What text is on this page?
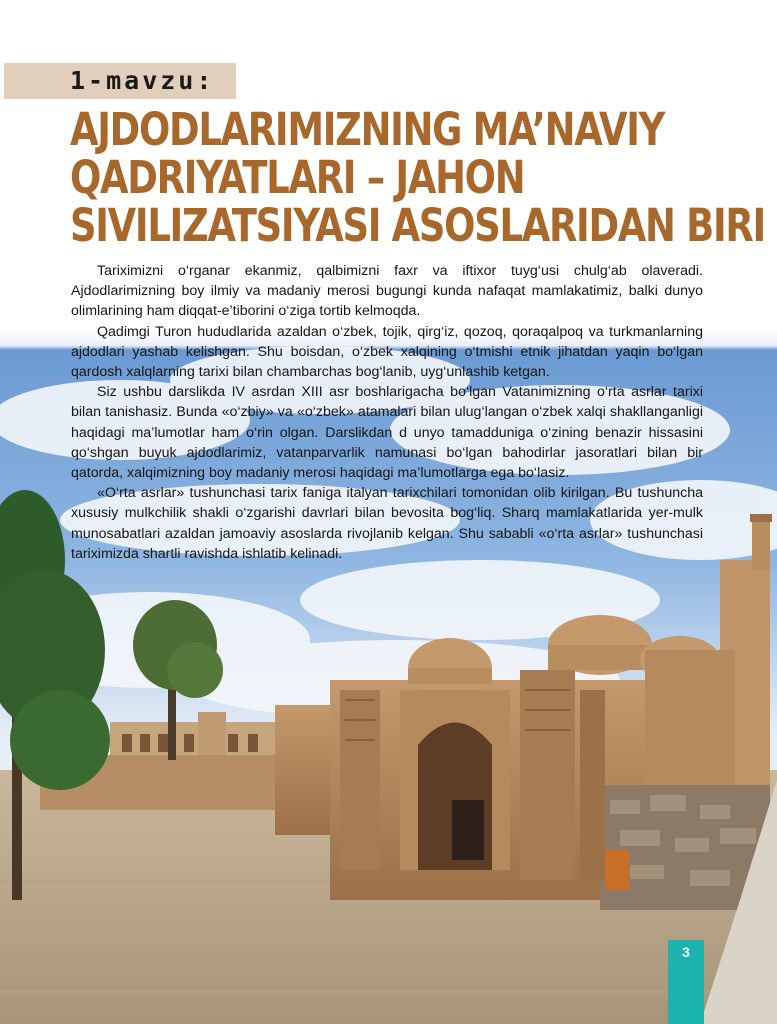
1-mavzu:
AJDODLARIMIZNING MA’NAVIY
QADRIYATLARI – JAHON
SIVILIZATSIYASI ASOSLARIDAN BIRI

Tariximizni o‘rganar ekanmiz, qalbimizni faxr va iftixor tuyg‘usi chulg‘ab olaveradi. Ajdodlarimizning boy ilmiy va madaniy merosi bugungi kunda nafaqat mamlakatimiz, balki dunyo olimlarining ham diqqat-e’tiborini o‘ziga tortib kelmoqda.

Qadimgi Turon hududlarida azaldan o‘zbek, tojik, qirg‘iz, qozoq, qoraqalpoq va turkmanlarning ajdodlari yashab kelishgan. Shu boisdan, o‘zbek xalqining o‘tmishi etnik jihatdan yaqin bo‘lgan qardosh xalqlarning tarixi bilan chambarchas bog‘lanib, uyg‘unlashib ketgan.

Siz ushbu darslikda IV asrdan XIII asr boshlarigacha bo‘lgan Vatanimizning o‘rta asrlar tarixi bilan tanishasiz. Bunda «o‘zbiy» va «o‘zbek» atamalari bilan ulug‘langan o‘zbek xalqi shakllanganligi haqidagi ma’lumotlar ham o‘rin olgan. Darslikdan d unyo tamadduniga o‘zining benazir hissasini qo‘shgan buyuk ajdodlarimiz, vatanparvarlik namunasi bo‘lgan bahodirlar jasoratlari bilan bir qatorda, xalqimizning boy madaniy merosi haqidagi ma’lumotlarga ega bo‘lasiz.

«O‘rta asrlar» tushunchasi tarix faniga italyan tarixchilari tomonidan olib kirilgan. Bu tushuncha xususiy mulkchilik shakli o‘zgarishi davrlari bilan bevosita bog‘liq. Sharq mamlakatlarida yer-mulk munosabatlari azaldan jamoaviy asoslarda rivojlanib kelgan. Shu sababli «o‘rta asrlar» tushunchasi tariximizda shartli ravishda ishlatib kelinadi.

3
